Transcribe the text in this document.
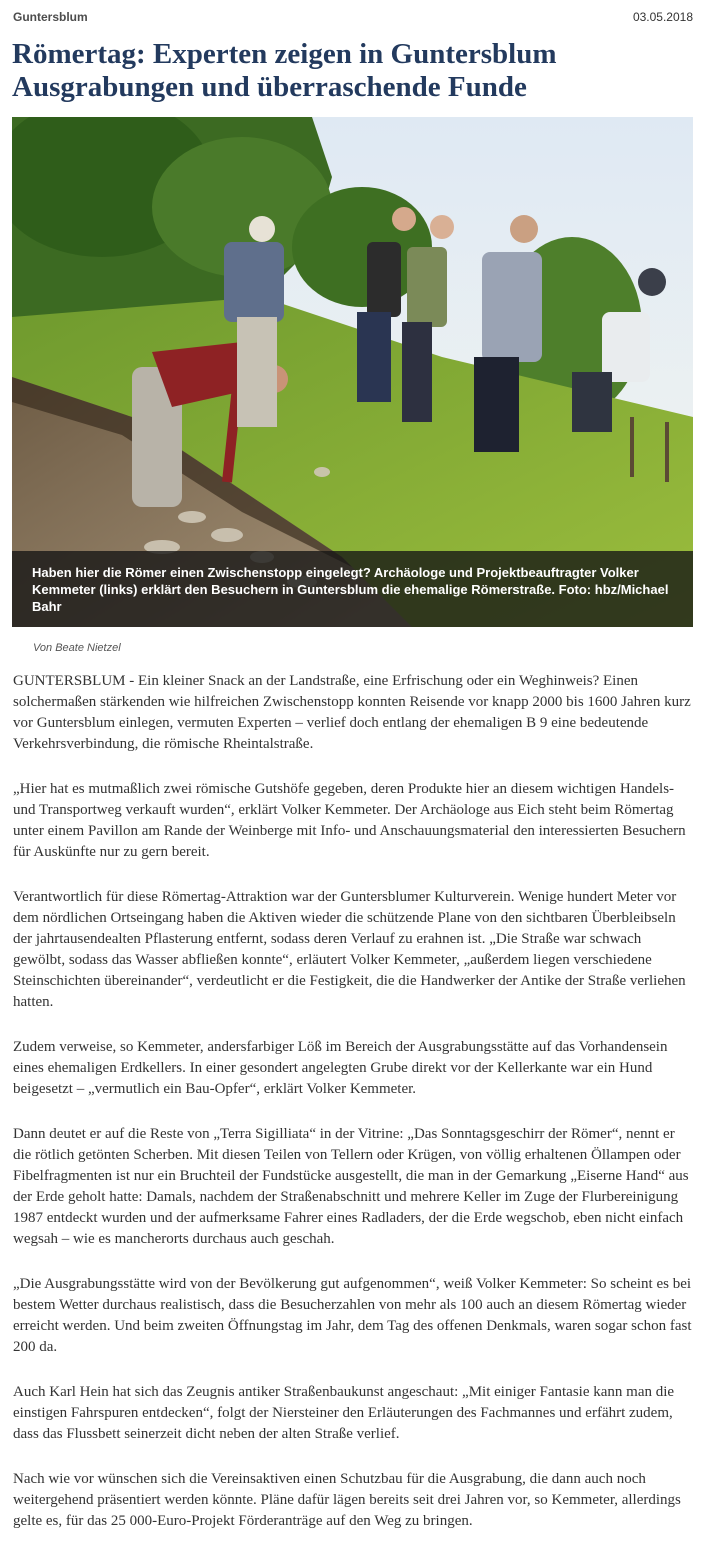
Guntersblum	03.05.2018
Römertag: Experten zeigen in Guntersblum Ausgrabungen und überraschende Funde
Haben hier die Römer einen Zwischenstopp eingelegt? Archäologe und Projektbeauftragter Volker Kemmeter (links) erklärt den Besuchern in Guntersblum die ehemalige Römerstraße. Foto: hbz/Michael Bahr
Von Beate Nietzel

GUNTERSBLUM - Ein kleiner Snack an der Landstraße, eine Erfrischung oder ein Weghinweis? Einen solchermaßen stärkenden wie hilfreichen Zwischenstopp konnten Reisende vor knapp 2000 bis 1600 Jahren kurz vor Guntersblum einlegen, vermuten Experten – verlief doch entlang der ehemaligen B 9 eine bedeutende Verkehrsverbindung, die römische Rheintalstraße.

„Hier hat es mutmaßlich zwei römische Gutshöfe gegeben, deren Produkte hier an diesem wichtigen Handels- und Transportweg verkauft wurden“, erklärt Volker Kemmeter. Der Archäologe aus Eich steht beim Römertag unter einem Pavillon am Rande der Weinberge mit Info- und Anschauungsmaterial den interessierten Besuchern für Auskünfte nur zu gern bereit.

Verantwortlich für diese Römertag-Attraktion war der Guntersblumer Kulturverein. Wenige hundert Meter vor dem nördlichen Ortseingang haben die Aktiven wieder die schützende Plane von den sichtbaren Überbleibseln der jahrtausendealten Pflasterung entfernt, sodass deren Verlauf zu erahnen ist. „Die Straße war schwach gewölbt, sodass das Wasser abfließen konnte“, erläutert Volker Kemmeter, „außerdem liegen verschiedene Steinschichten übereinander“, verdeutlicht er die Festigkeit, die die Handwerker der Antike der Straße verliehen hatten.

Zudem verweise, so Kemmeter, andersfarbiger Löß im Bereich der Ausgrabungsstätte auf das Vorhandensein eines ehemaligen Erdkellers. In einer gesondert angelegten Grube direkt vor der Kellerkante war ein Hund beigesetzt – „vermutlich ein Bau-Opfer“, erklärt Volker Kemmeter.

Dann deutet er auf die Reste von „Terra Sigilliata“ in der Vitrine: „Das Sonntagsgeschirr der Römer“, nennt er die rötlich getönten Scherben. Mit diesen Teilen von Tellern oder Krügen, von völlig erhaltenen Öllampen oder Fibelfragmenten ist nur ein Bruchteil der Fundstücke ausgestellt, die man in der Gemarkung „Eiserne Hand“ aus der Erde geholt hatte: Damals, nachdem der Straßenabschnitt und mehrere Keller im Zuge der Flurbereinigung 1987 entdeckt wurden und der aufmerksame Fahrer eines Radladers, der die Erde wegschob, eben nicht einfach wegsah – wie es mancherorts durchaus auch geschah.

„Die Ausgrabungsstätte wird von der Bevölkerung gut aufgenommen“, weiß Volker Kemmeter: So scheint es bei bestem Wetter durchaus realistisch, dass die Besucherzahlen von mehr als 100 auch an diesem Römertag wieder erreicht werden. Und beim zweiten Öffnungstag im Jahr, dem Tag des offenen Denkmals, waren sogar schon fast 200 da.

Auch Karl Hein hat sich das Zeugnis antiker Straßenbaukunst angeschaut: „Mit einiger Fantasie kann man die einstigen Fahrspuren entdecken“, folgt der Niersteiner den Erläuterungen des Fachmannes und erfährt zudem, dass das Flussbett seinerzeit dicht neben der alten Straße verlief.

Nach wie vor wünschen sich die Vereinsaktiven einen Schutzbau für die Ausgrabung, die dann auch noch weitergehend präsentiert werden könnte. Pläne dafür lägen bereits seit drei Jahren vor, so Kemmeter, allerdings gelte es, für das 25 000-Euro-Projekt Förderanträge auf den Weg zu bringen.
